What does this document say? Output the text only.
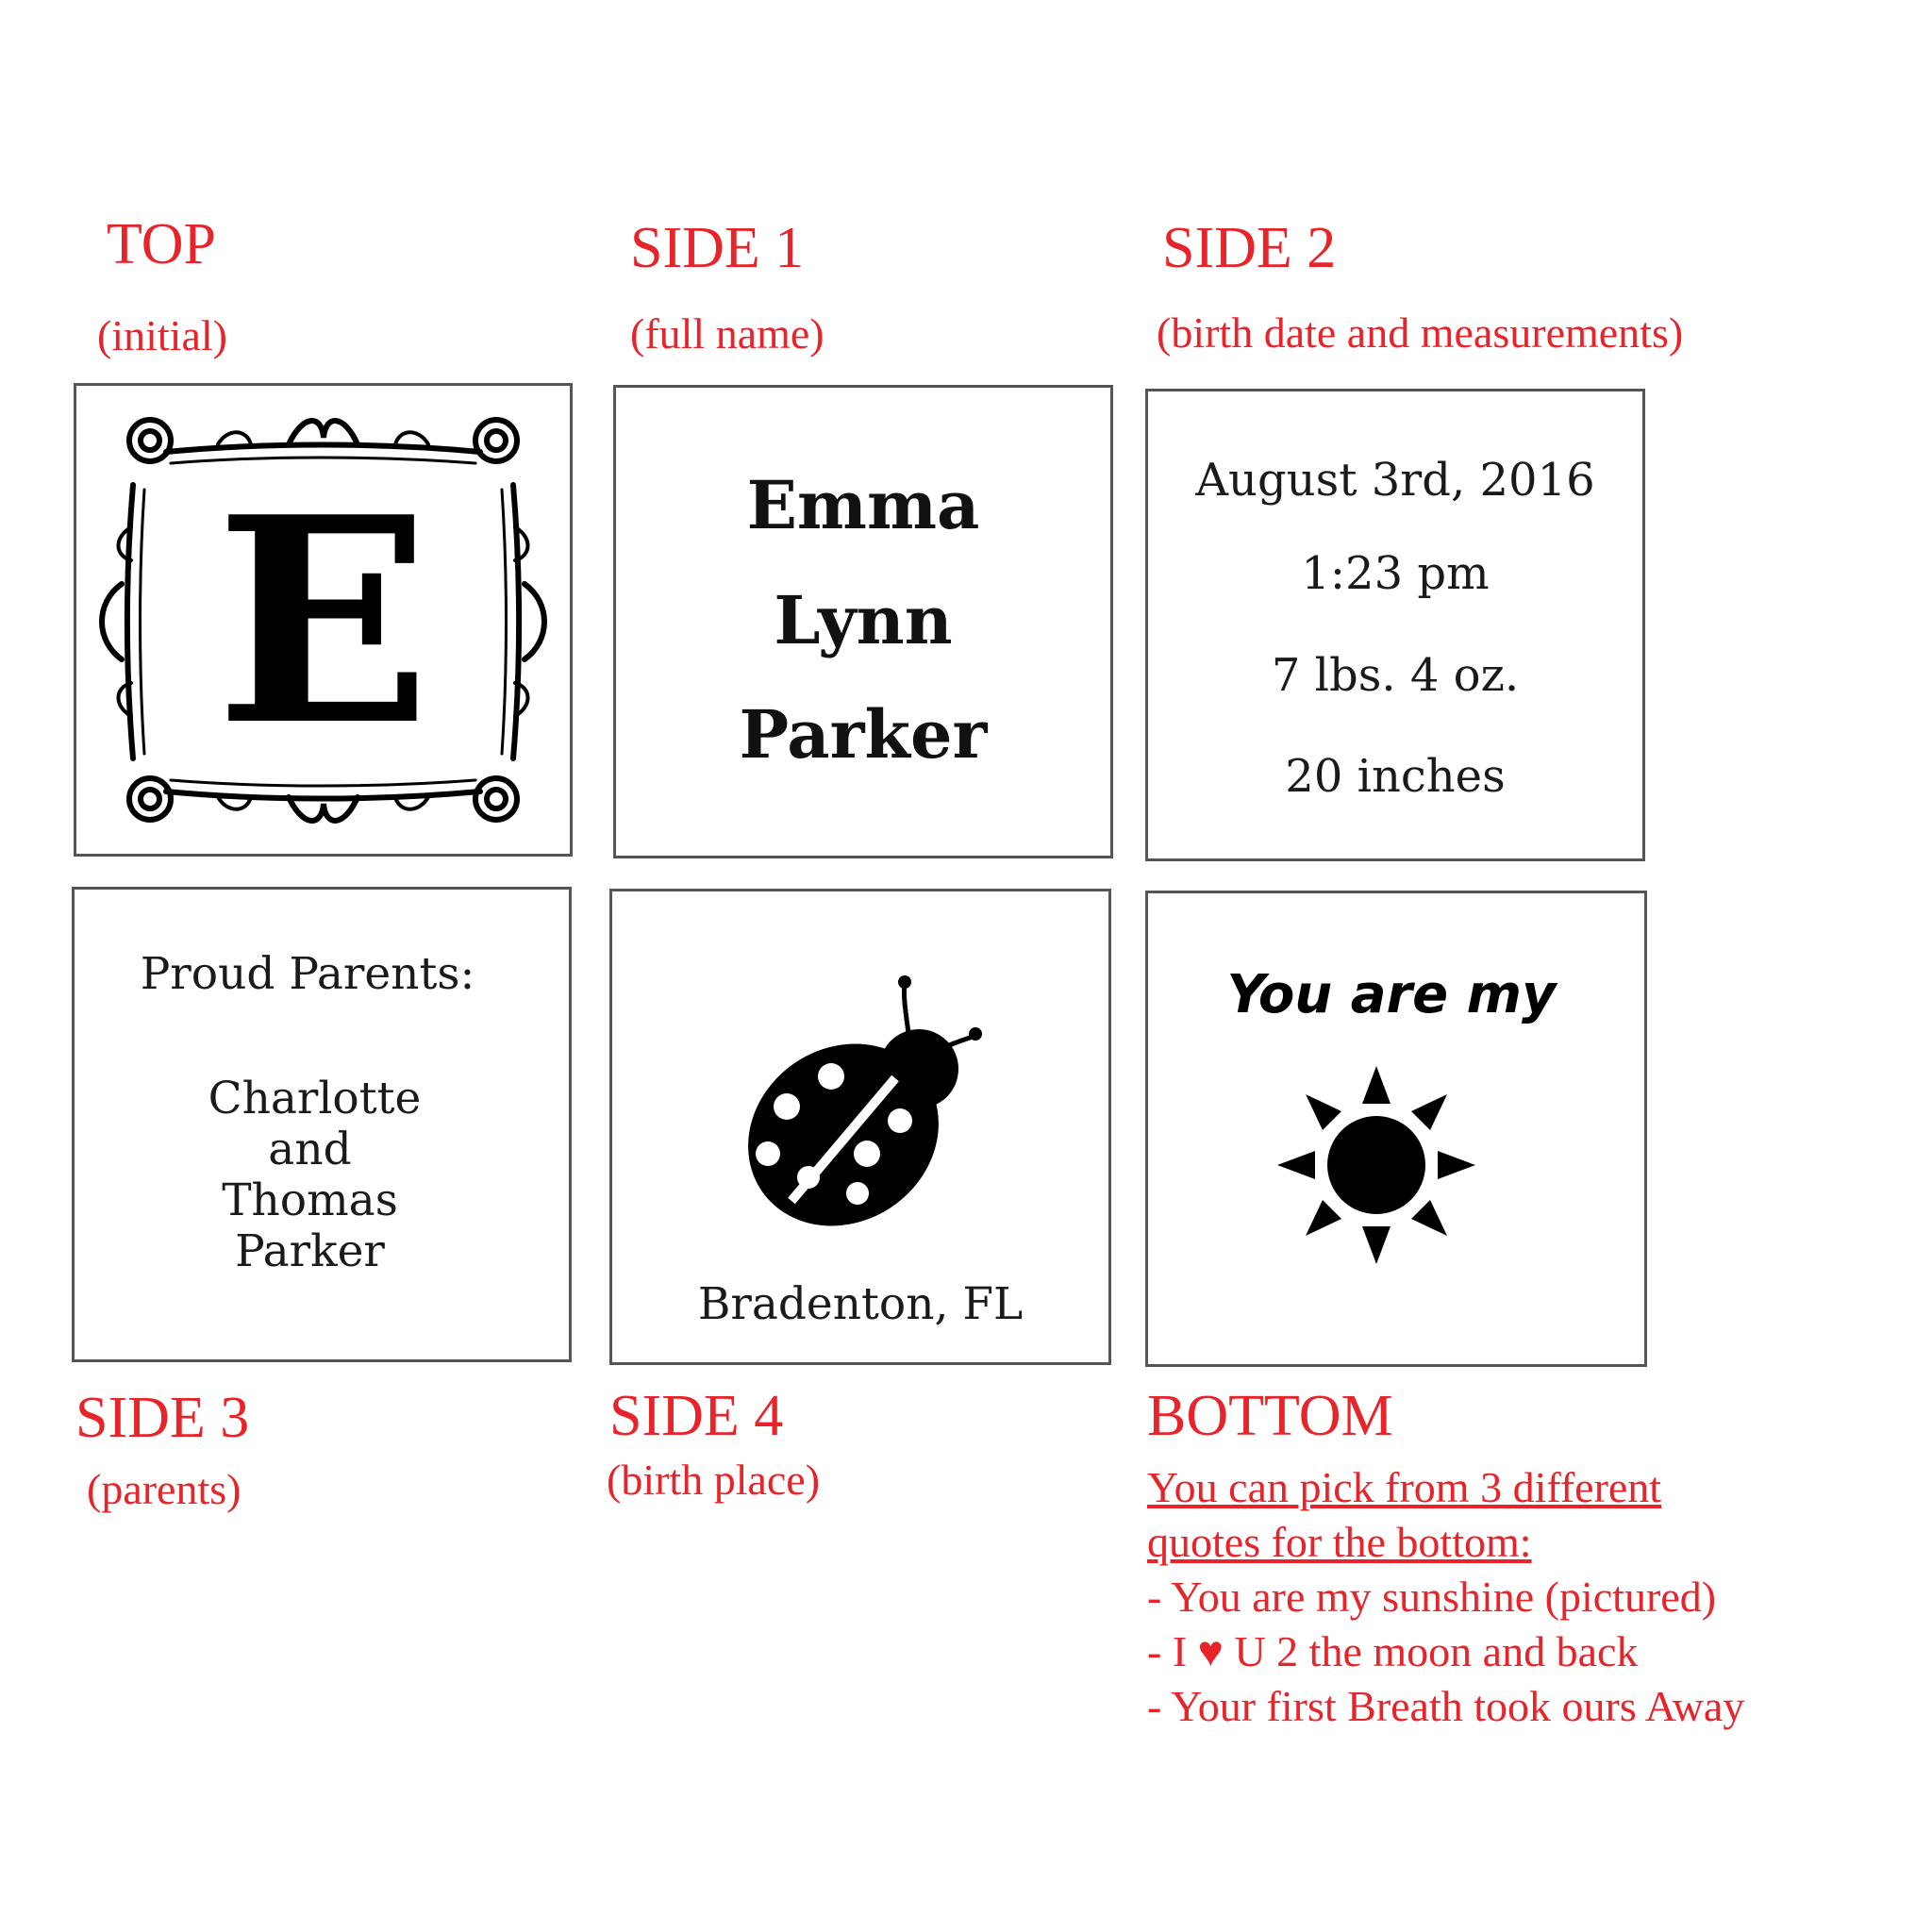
TOP
(initial)
SIDE 1
(full name)
SIDE 2
(birth date and measurements)
E	Emma
Lynn
Parker
August 3rd, 2016
1:23 pm
7 lbs. 4 oz.
20 inches
Proud Parents:
Charlotte
and
Thomas
Parker
Bradenton, FL
You are my
SIDE 3
(parents)
SIDE 4
(birth place)
BOTTOM
You can pick from 3 different
quotes for the bottom:
- You are my sunshine (pictured)
- I ♥ U 2 the moon and back
- Your first Breath took ours Away
